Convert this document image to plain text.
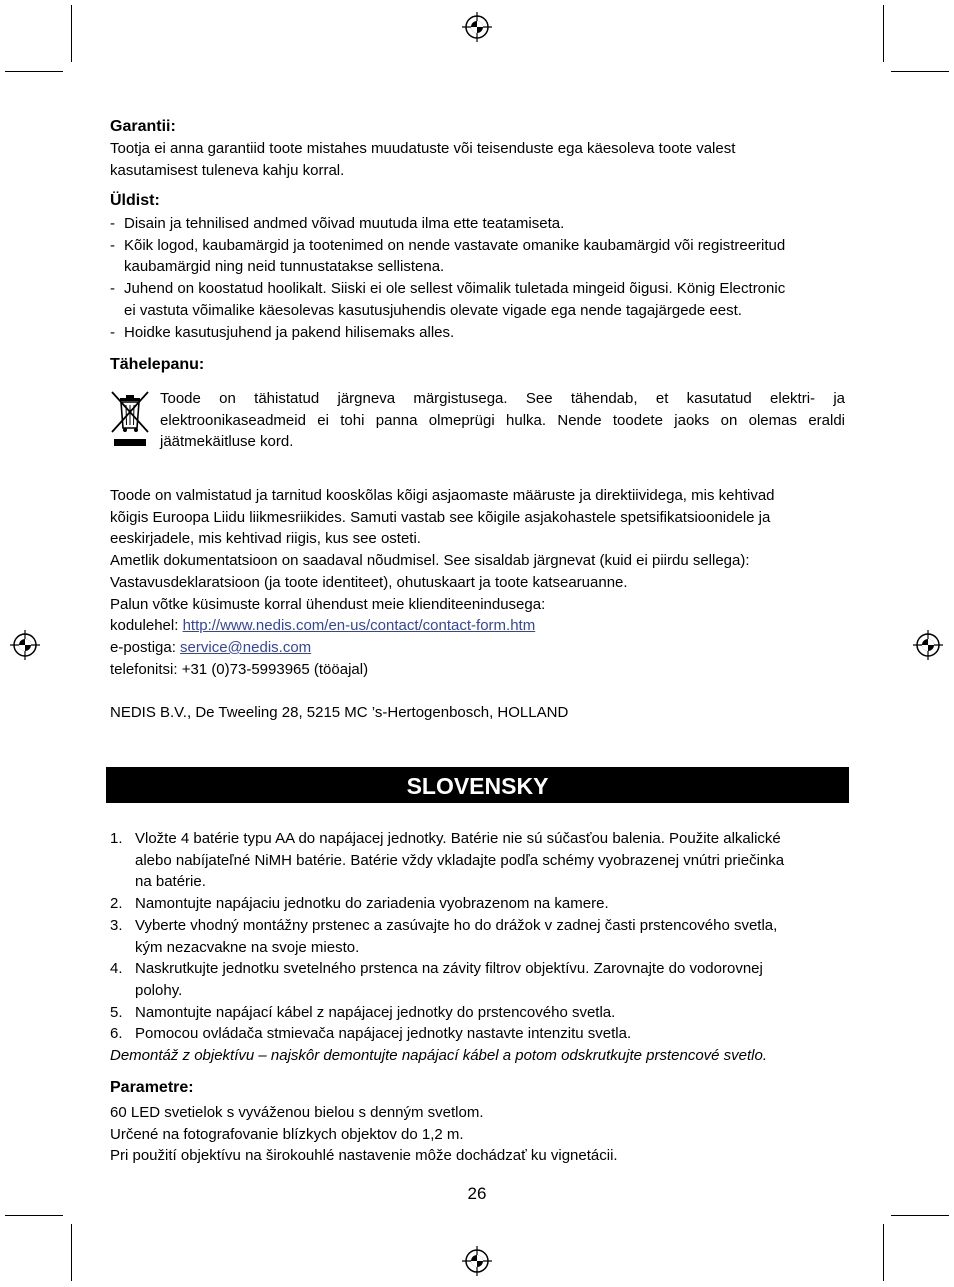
Garantii:

Tootja ei anna garantiid toote mistahes muudatuste või teisenduste ega käesoleva toote valest

kasutamisest tuleneva kahju korral.

Üldist:
- Disain ja tehnilised andmed võivad muutuda ilma ette teatamiseta.
- Kõik logod, kaubamärgid ja tootenimed on nende vastavate omanike kaubamärgid või registreeritud
kaubamärgid ning neid tunnustatakse sellistena.
- Juhend on koostatud hoolikalt. Siiski ei ole sellest võimalik tuletada mingeid õigusi. König Electronic
ei vastuta võimalike käesolevas kasutusjuhendis olevate vigade ega nende tagajärgede eest.
- Hoidke kasutusjuhend ja pakend hilisemaks alles.
Tähelepanu:
Toode on tähistatud järgneva märgistusega. See tähendab, et kasutatud elektri- ja
elektroonikaseadmeid ei tohi panna olmeprügi hulka. Nende toodete jaoks on olemas eraldi
jäätmekäitluse kord.

Toode on valmistatud ja tarnitud kooskõlas kõigi asjaomaste määruste ja direktiividega, mis kehtivad

kõigis Euroopa Liidu liikmesriikides. Samuti vastab see kõigile asjakohastele spetsifikatsioonidele ja

eeskirjadele, mis kehtivad riigis, kus see osteti.

Ametlik dokumentatsioon on saadaval nõudmisel. See sisaldab järgnevat (kuid ei piirdu sellega):

Vastavusdeklaratsioon (ja toote identiteet), ohutuskaart ja toote katsearuanne.

Palun võtke küsimuste korral ühendust meie klienditeenindusega:

kodulehel: http://www.nedis.com/en-us/contact/contact-form.htm

e-postiga: service@nedis.com

telefonitsi: +31 (0)73-5993965 (tööajal)

NEDIS B.V., De Tweeling 28, 5215 MC ’s-Hertogenbosch, HOLLAND

SLOVENSKY
1. Vložte 4 batérie typu AA do napájacej jednotky. Batérie nie sú súčasťou balenia. Použite alkalické
alebo nabíjateľné NiMH batérie. Batérie vždy vkladajte podľa schémy vyobrazenej vnútri priečinka
na batérie.
2. Namontujte napájaciu jednotku do zariadenia vyobrazenom na kamere.
3. Vyberte vhodný montážny prstenec a zasúvajte ho do drážok v zadnej časti prstencového svetla,
kým nezacvakne na svoje miesto.
4. Naskrutkujte jednotku svetelného prstenca na závity filtrov objektívu. Zarovnajte do vodorovnej
polohy.
5. Namontujte napájací kábel z napájacej jednotky do prstencového svetla.
6. Pomocou ovládača stmievača napájacej jednotky nastavte intenzitu svetla.

Demontáž z objektívu – najskôr demontujte napájací kábel a potom odskrutkujte prstencové svetlo.

Parametre:

60 LED svetielok s vyváženou bielou s denným svetlom.

Určené na fotografovanie blízkych objektov do 1,2 m.

Pri použití objektívu na širokouhlé nastavenie môže dochádzať ku vignetácii.

26
